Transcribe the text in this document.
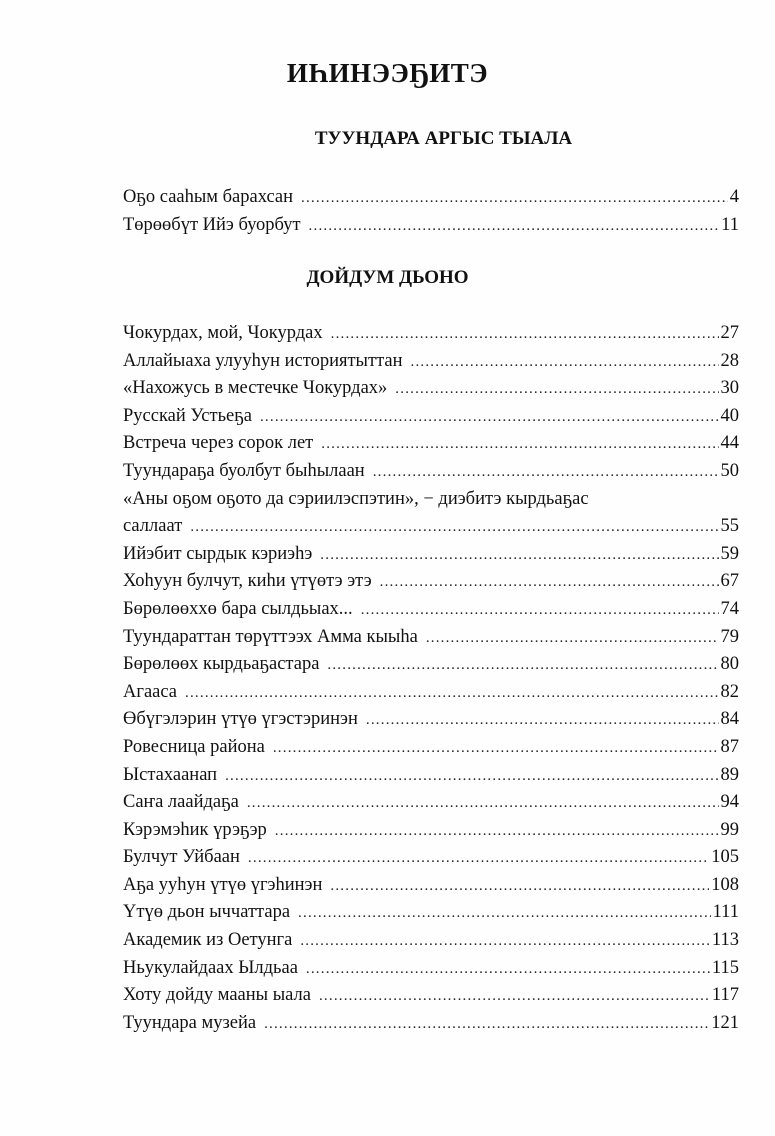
ИҺИНЭЭҔИТЭ
ТУУНДАРА АРГЫС ТЫАЛА
Оҕо сааһым барахсан .....	4
Төрөөбүт Ийэ буорбут .....	11
ДОЙДУМ ДЬОНО
Чокурдах, мой, Чокурдах .....	27
Аллайыаха улууһун историятыттан .....	28
«Нахожусь в местечке Чокурдах» .....	30
Русскай Устьеҕа .....	40
Встреча через сорок лет .....	44
Туундараҕа буолбут быһылаан .....	50
«Аны оҕом оҕото да сэриилэспэтин», − диэбитэ кырдьаҕас
саллаат .....	55
Ийэбит сырдык кэриэһэ .....	59
Хоһуун булчут, киһи үтүөтэ этэ .....	67
Бөрөлөөххө бара сылдьыах... .....	74
Туундараттан төрүттээх Амма кыыһа .....	79
Бөрөлөөх кырдьаҕастара .....	80
Агааса .....	82
Өбүгэлэрин үтүө үгэстэринэн .....	84
Ровесница района .....	87
Ыстахаанап .....	89
Саҥа лаайдаҕа .....	94
Кэрэмэһик үрэҕэр .....	99
Булчут Уйбаан .....	105
Аҕа ууһун үтүө үгэһинэн .....	108
Үтүө дьон ыччаттара .....	111
Академик из Оетунга .....	113
Ньукулайдаах Ылдьаа .....	115
Хоту дойду мааны ыала .....	117
Туундара музейа .....	121
